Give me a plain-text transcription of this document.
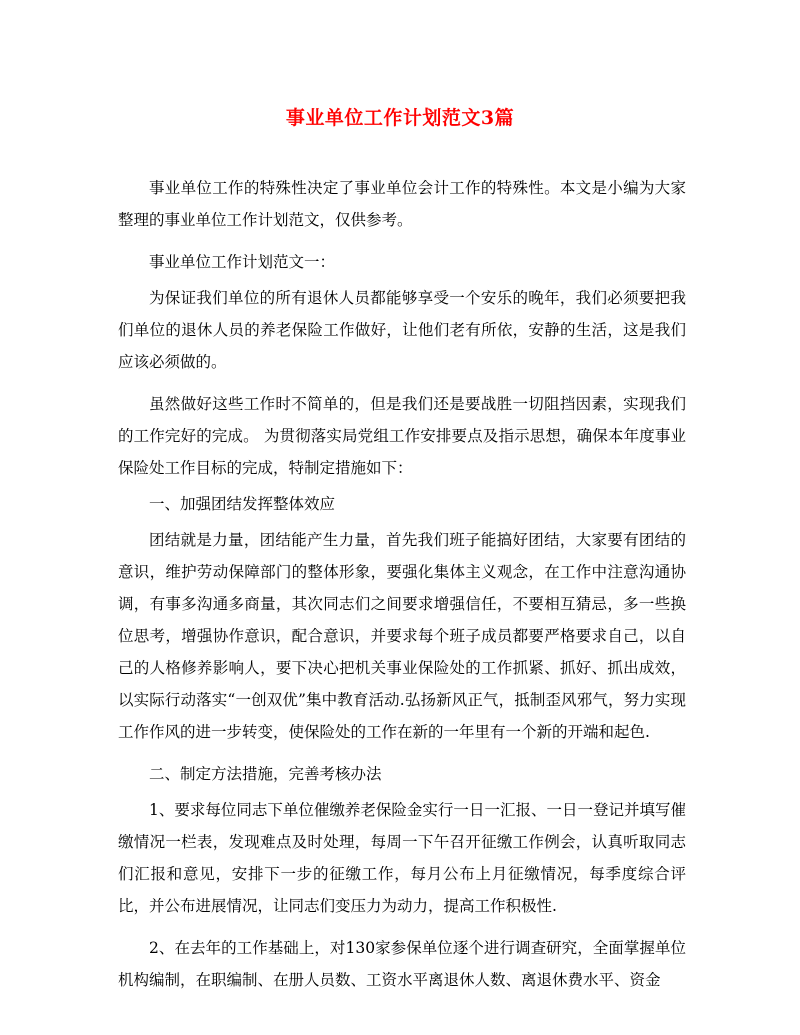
事业单位工作计划范文3篇

事业单位工作的特殊性决定了事业单位会计工作的特殊性。本文是小编为大家整理的事业单位工作计划范文，仅供参考。

事业单位工作计划范文一：

为保证我们单位的所有退休人员都能够享受一个安乐的晚年，我们必须要把我们单位的退休人员的养老保险工作做好，让他们老有所依，安静的生活，这是我们应该必须做的。

虽然做好这些工作时不简单的，但是我们还是要战胜一切阻挡因素，实现我们的工作完好的完成。 为贯彻落实局党组工作安排要点及指示思想，确保本年度事业保险处工作目标的完成，特制定措施如下：

一、加强团结发挥整体效应

团结就是力量，团结能产生力量，首先我们班子能搞好团结，大家要有团结的意识，维护劳动保障部门的整体形象，要强化集体主义观念，在工作中注意沟通协调，有事多沟通多商量，其次同志们之间要求增强信任，不要相互猜忌，多一些换位思考，增强协作意识，配合意识，并要求每个班子成员都要严格要求自己，以自己的人格修养影响人，要下决心把机关事业保险处的工作抓紧、抓好、抓出成效，以实际行动落实“一创双优”集中教育活动.弘扬新风正气，抵制歪风邪气，努力实现工作作风的进一步转变，使保险处的工作在新的一年里有一个新的开端和起色.

二、制定方法措施，完善考核办法

1、要求每位同志下单位催缴养老保险金实行一日一汇报、一日一登记并填写催缴情况一栏表，发现难点及时处理，每周一下午召开征缴工作例会，认真听取同志们汇报和意见，安排下一步的征缴工作，每月公布上月征缴情况，每季度综合评比，并公布进展情况，让同志们变压力为动力，提高工作积极性.

2、在去年的工作基础上，对130家参保单位逐个进行调查研究，全面掌握单位机构编制，在职编制、在册人员数、工资水平离退休人数、离退休费水平、资金
